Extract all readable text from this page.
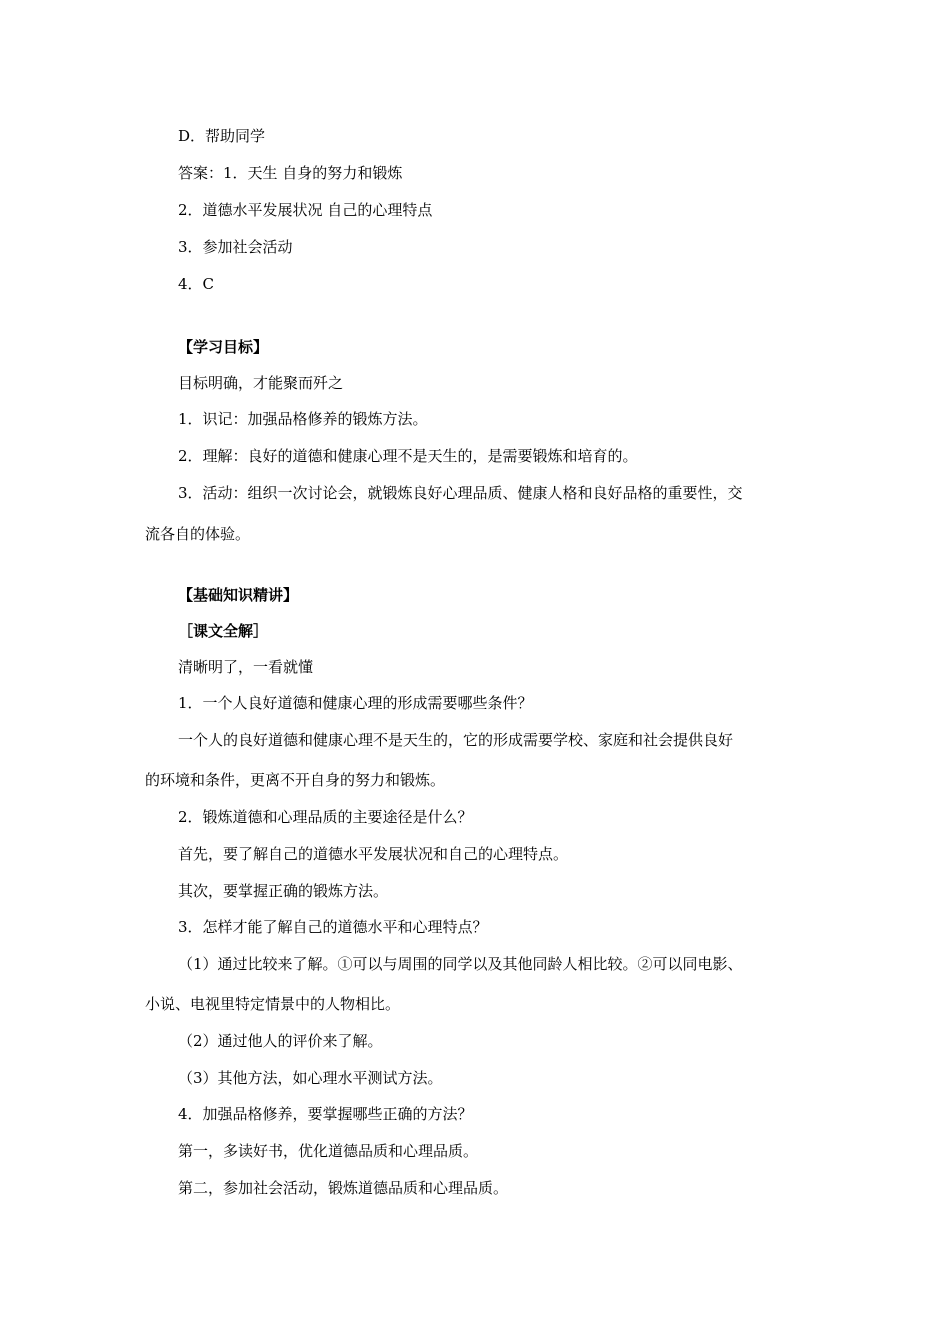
D．帮助同学
答案：1．天生 自身的努力和锻炼
2．道德水平发展状况 自己的心理特点
3．参加社会活动
4．C
【学习目标】
目标明确，才能聚而歼之
1．识记：加强品格修养的锻炼方法。
2．理解：良好的道德和健康心理不是天生的，是需要锻炼和培育的。
3．活动：组织一次讨论会，就锻炼良好心理品质、健康人格和良好品格的重要性，交
流各自的体验。
【基础知识精讲】
［课文全解］
清晰明了，一看就懂
1．一个人良好道德和健康心理的形成需要哪些条件？
一个人的良好道德和健康心理不是天生的，它的形成需要学校、家庭和社会提供良好
的环境和条件，更离不开自身的努力和锻炼。
2．锻炼道德和心理品质的主要途径是什么？
首先，要了解自己的道德水平发展状况和自己的心理特点。
其次，要掌握正确的锻炼方法。
3．怎样才能了解自己的道德水平和心理特点？
（1）通过比较来了解。①可以与周围的同学以及其他同龄人相比较。②可以同电影、
小说、电视里特定情景中的人物相比。
（2）通过他人的评价来了解。
（3）其他方法，如心理水平测试方法。
4．加强品格修养，要掌握哪些正确的方法？
第一，多读好书，优化道德品质和心理品质。
第二，参加社会活动，锻炼道德品质和心理品质。
